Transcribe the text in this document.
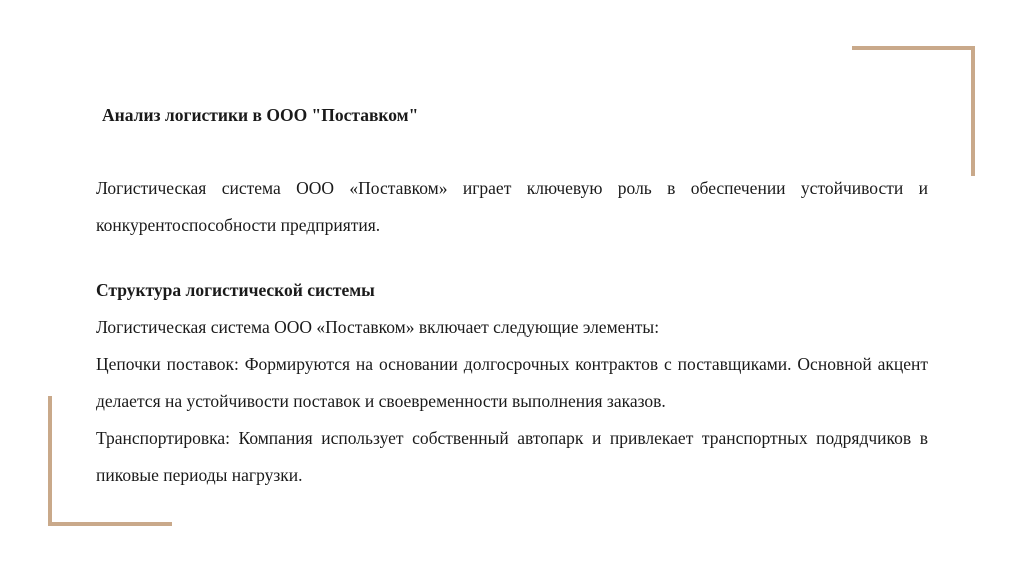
Анализ логистики в ООО "Поставком"

Логистическая система ООО «Поставком» играет ключевую роль в обеспечении устойчивости и конкурентоспособности предприятия.

Структура логистической системы

Логистическая система ООО «Поставком» включает следующие элементы:

Цепочки поставок: Формируются на основании долгосрочных контрактов с поставщиками. Основной акцент делается на устойчивости поставок и своевременности выполнения заказов.

Транспортировка: Компания использует собственный автопарк и привлекает транспортных подрядчиков в пиковые периоды нагрузки.
